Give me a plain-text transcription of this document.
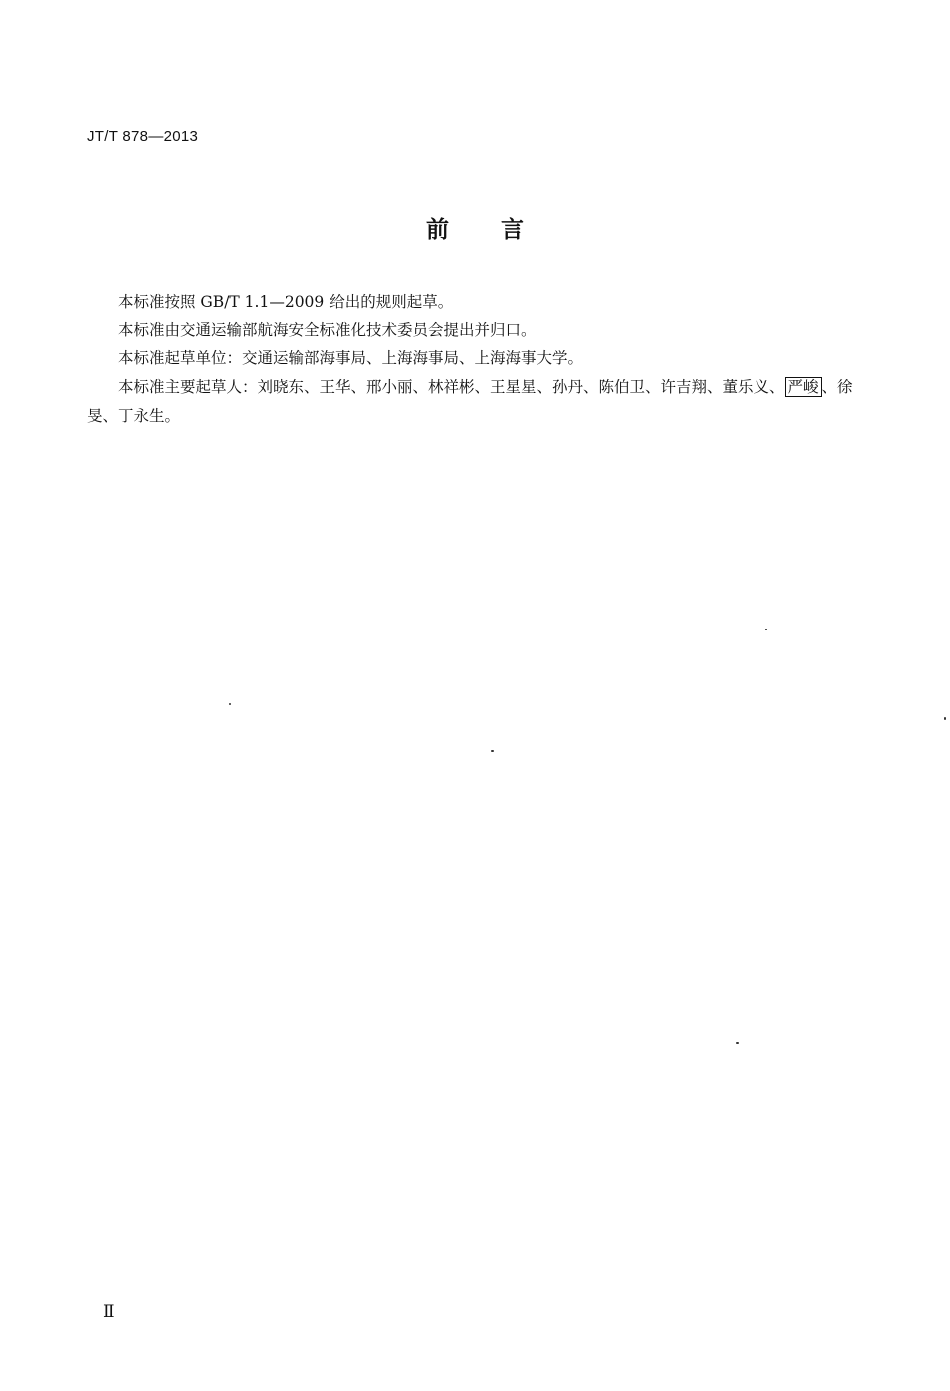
JT/T 878—2013
前 言
本标准按照 GB/T 1.1—2009 给出的规则起草。
本标准由交通运输部航海安全标准化技术委员会提出并归口。
本标准起草单位：交通运输部海事局、上海海事局、上海海事大学。
本标准主要起草人：刘晓东、王华、邢小丽、林祥彬、王星星、孙丹、陈伯卫、许吉翔、董乐义、 严峻 、徐旻、丁永生。
Ⅱ
